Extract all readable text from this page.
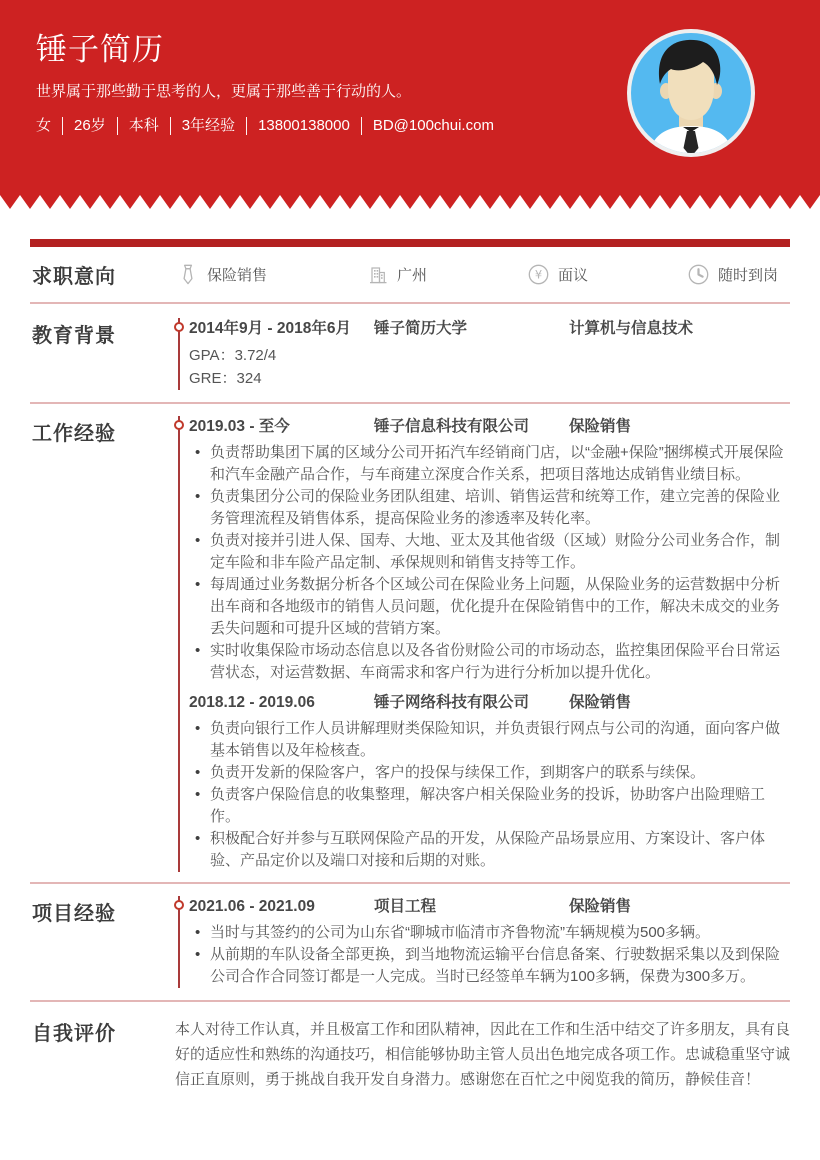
锤子简历

世界属于那些勤于思考的人，更属于那些善于行动的人。

女	26岁	本科	3年经验	13800138000	BD@100chui.com
求职意向	保险销售	广州	¥ 面议	随时到岗
教育背景	2014年9月 - 2018年6月	锤子简历大学	计算机与信息技术
GPA：3.72/4
GRE：324
工作经验	2019.03 - 至今	锤子信息科技有限公司	保险销售
• 负责帮助集团下属的区域分公司开拓汽车经销商门店，以“金融+保险”捆绑模式开展保险和汽车金融产品合作，与车商建立深度合作关系，把项目落地达成销售业绩目标。
• 负责集团分公司的保险业务团队组建、培训、销售运营和统筹工作，建立完善的保险业务管理流程及销售体系，提高保险业务的渗透率及转化率。
• 负责对接并引进人保、国寿、大地、亚太及其他省级（区域）财险分公司业务合作，制定车险和非车险产品定制、承保规则和销售支持等工作。
• 每周通过业务数据分析各个区域公司在保险业务上问题，从保险业务的运营数据中分析出车商和各地级市的销售人员问题，优化提升在保险销售中的工作，解决未成交的业务丢失问题和可提升区域的营销方案。
• 实时收集保险市场动态信息以及各省份财险公司的市场动态，监控集团保险平台日常运营状态，对运营数据、车商需求和客户行为进行分析加以提升优化。
2018.12 - 2019.06	锤子网络科技有限公司	保险销售
• 负责向银行工作人员讲解理财类保险知识，并负责银行网点与公司的沟通，面向客户做基本销售以及年检核查。
• 负责开发新的保险客户，客户的投保与续保工作，到期客户的联系与续保。
• 负责客户保险信息的收集整理，解决客户相关保险业务的投诉，协助客户出险理赔工作。
• 积极配合好并参与互联网保险产品的开发，从保险产品场景应用、方案设计、客户体验、产品定价以及端口对接和后期的对账。
项目经验	2021.06 - 2021.09	项目工程	保险销售
• 当时与其签约的公司为山东省“聊城市临清市齐鲁物流”车辆规模为500多辆。
• 从前期的车队设备全部更换，到当地物流运输平台信息备案、行驶数据采集以及到保险公司合作合同签订都是一人完成。当时已经签单车辆为100多辆，保费为300多万。
自我评价	本人对待工作认真，并且极富工作和团队精神，因此在工作和生活中结交了许多朋友，具有良好的适应性和熟练的沟通技巧，相信能够协助主管人员出色地完成各项工作。忠诚稳重坚守诚信正直原则，勇于挑战自我开发自身潜力。感谢您在百忙之中阅览我的简历，静候佳音！
